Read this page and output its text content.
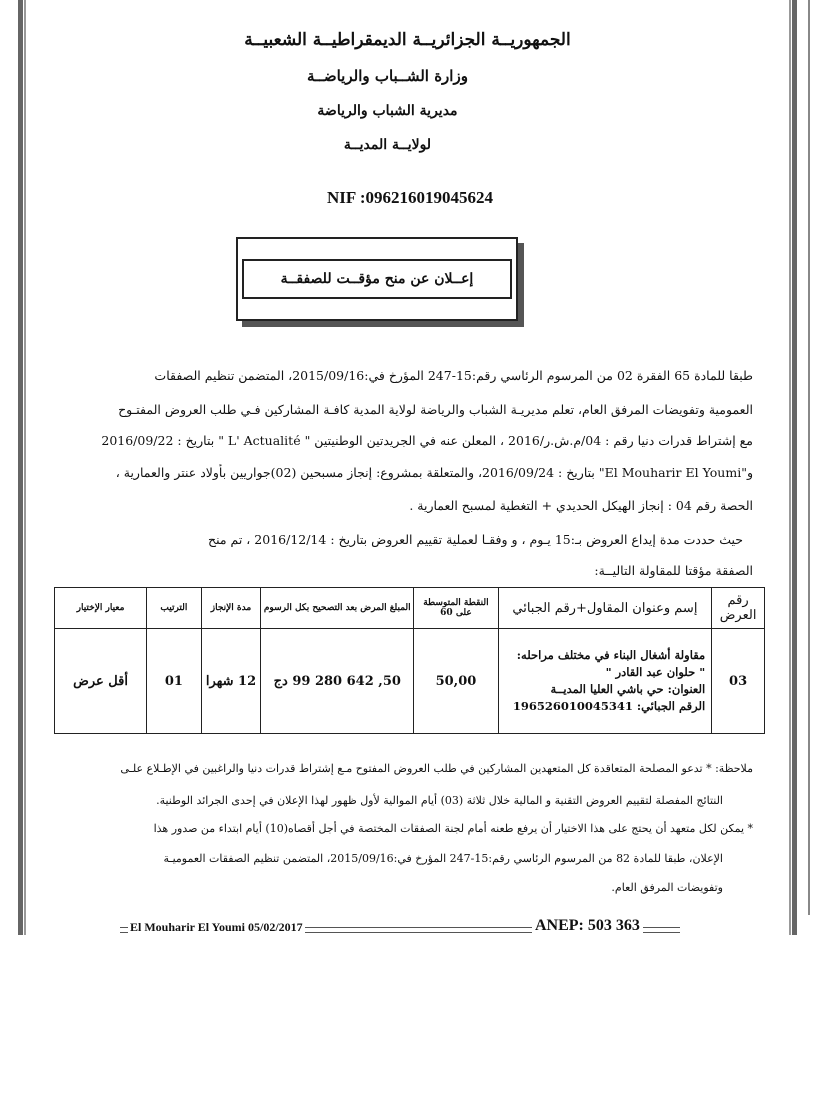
الجمهوريــة الجزائريــة الديمقراطيــة الشعبيــة
وزارة الشــباب والرياضــة
مديرية الشباب والرياضة
لولايــة المديــة
NIF :096216019045624
إعــلان عن منح مؤقــت للصفقــة
طبقا للمادة 65 الفقرة 02 من المرسوم الرئاسي رقم:15-247 المؤرخ في:2015/09/16، المتضمن تنظيم الصفقات
العمومية وتفويضات المرفق العام، تعلم مديريـة الشباب والرياضة لولاية المدية كافـة المشاركين فـي طلب العروض المفتـوح
مع إشتراط قدرات دنيا رقم : 04/م.ش.ر/2016 ، المعلن عنه في الجريدتين الوطنيتين " L' Actualité " بتاريخ : 2016/09/22
و"El Mouharir El Youmi" بتاريخ : 2016/09/24، والمتعلقة بمشروع: إنجاز مسبحين (02)جواريين بأولاد عنتر والعمارية ،
الحصة رقم 04 : إنجاز الهيكل الحديدي + التغطية لمسبح العمارية .
حيث حددت مدة إيداع العروض بـ:15 يـوم ، و وفقـا لعملية تقييم العروض بتاريخ : 2016/12/14 ، تم منح
الصفقة مؤقتا للمقاولة التاليــة:
رقم العرض	إسم وعنوان المقاول+رقم الجبائي	النقطة المتوسطة على 60	المبلغ المرض بعد التصحيح بكل الرسوم	مدة الإنجاز	الترتيب	معيار الإختيار
03	مقاولة أشغال البناء في مختلف مراحله:
" حلوان عبد القادر "
العنوان: حي باشي العليا المديــة
الرقم الجبائي: 196526010045341	50,00	50, 642 280 99 دج	12 شهرا	01	أقل عرض
ملاحظة: * تدعو المصلحة المتعاقدة كل المتعهدين المشاركين في طلب العروض المفتوح مـع إشتراط قدرات دنيا والراغبين في الإطـلاع علـى
النتائج المفصلة لتقييم العروض التقنية و المالية خلال ثلاثة (03) أيام الموالية لأول ظهور لهذا الإعلان في إحدى الجرائد الوطنية.
* يمكن لكل متعهد أن يحتج على هذا الاختيار أن يرفع طعنه أمام لجنة الصفقات المختصة في أجل أقصاه(10) أيام ابتداء من صدور هذا
الإعلان، طبقا للمادة 82 من المرسوم الرئاسي رقم:15-247 المؤرخ في:2015/09/16، المتضمن تنظيم الصفقات العموميـة
وتفويضات المرفق العام.
El Mouharir El Youmi 05/02/2017	ANEP: 503 363
